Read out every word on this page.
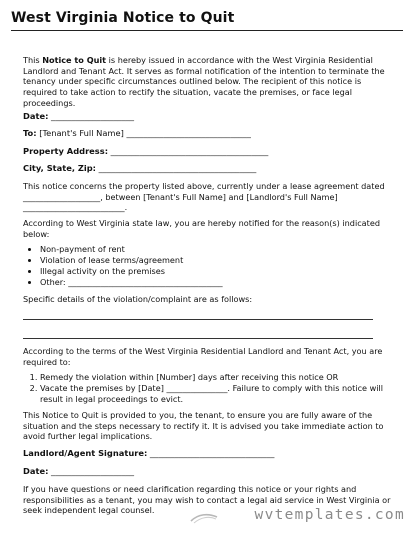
West Virginia Notice to Quit

This Notice to Quit is hereby issued in accordance with the West Virginia Residential Landlord and Tenant Act. It serves as formal notification of the intention to terminate the tenancy under specific circumstances outlined below. The recipient of this notice is required to take action to rectify the situation, vacate the premises, or face legal proceedings.

Date: ____________________
To: [Tenant's Full Name] ______________________________
Property Address: ______________________________________
City, State, Zip: ______________________________________

This notice concerns the property listed above, currently under a lease agreement dated ___________________, between [Tenant's Full Name] and [Landlord's Full Name] _________________________.

According to West Virginia state law, you are hereby notified for the reason(s) indicated below:

• Non-payment of rent
• Violation of lease terms/agreement
• Illegal activity on the premises
• Other: ______________________________________

Specific details of the violation/complaint are as follows:

According to the terms of the West Virginia Residential Landlord and Tenant Act, you are required to:

1. Remedy the violation within [Number] days after receiving this notice OR
2. Vacate the premises by [Date] _______________. Failure to comply with this notice will result in legal proceedings to evict.

This Notice to Quit is provided to you, the tenant, to ensure you are fully aware of the situation and the steps necessary to rectify it. It is advised you take immediate action to avoid further legal implications.

Landlord/Agent Signature: ______________________________
Date: ____________________

If you have questions or need clarification regarding this notice or your rights and responsibilities as a tenant, you may wish to contact a legal aid service in West Virginia or seek independent legal counsel.	wvtemplates.com
